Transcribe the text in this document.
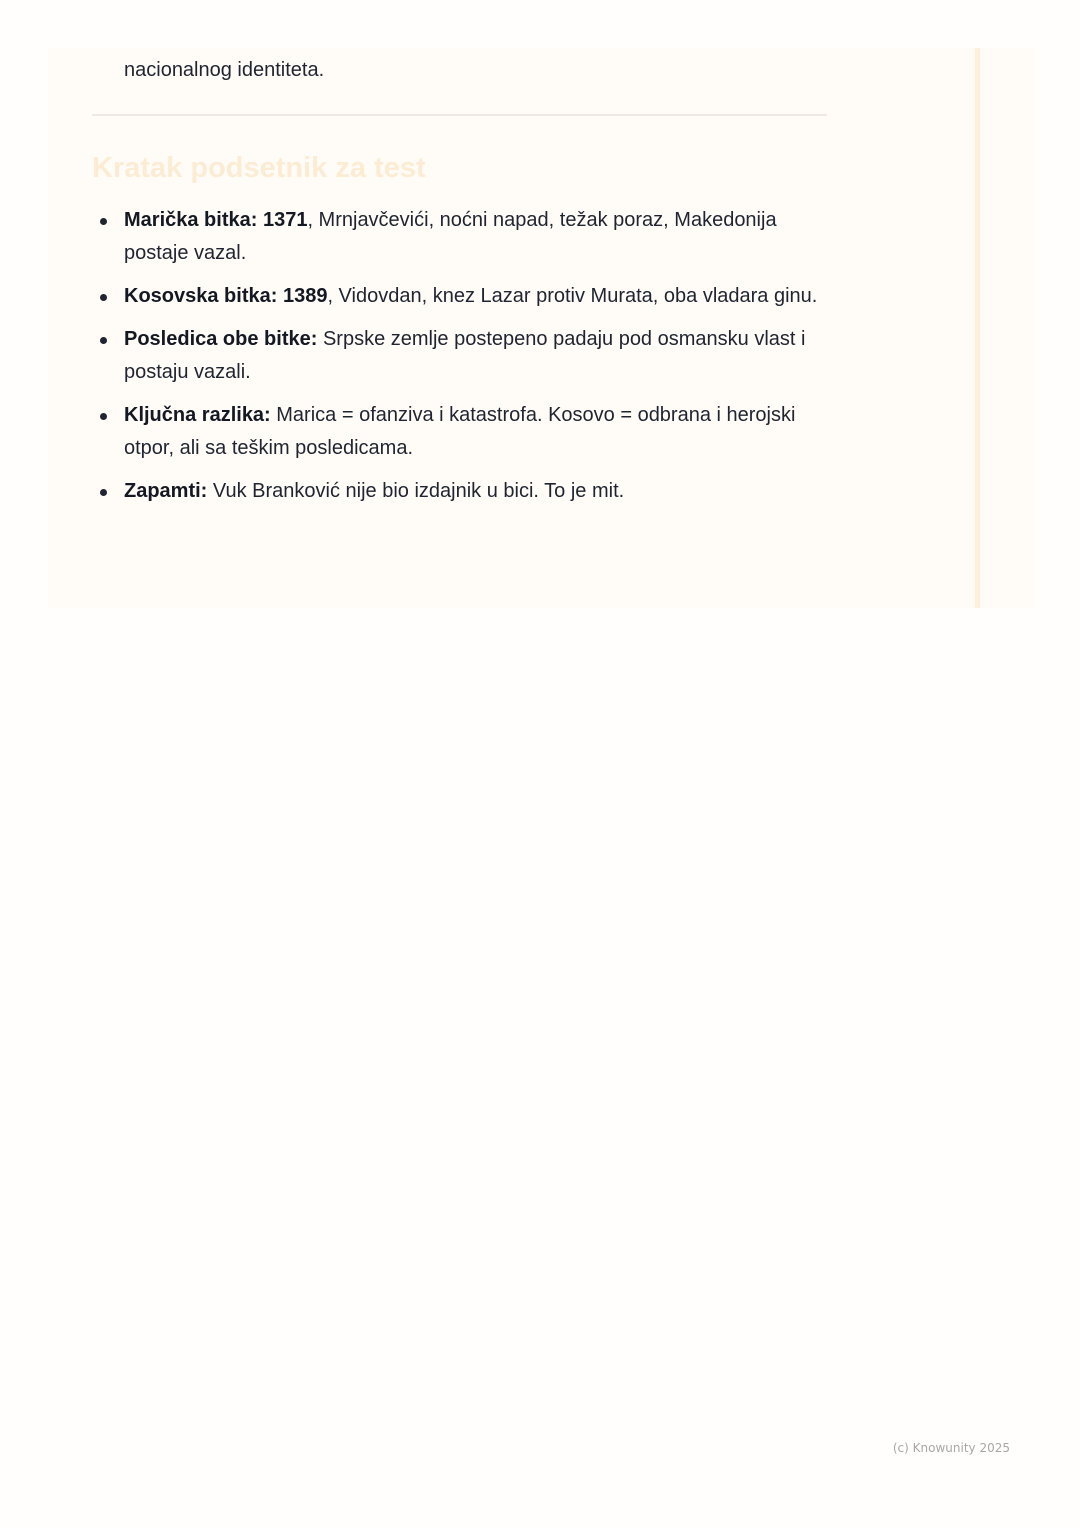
nacionalnog identiteta.
Kratak podsetnik za test
Marička bitka: 1371, Mrnjavčevići, noćni napad, težak poraz, Makedonija postaje vazal.
Kosovska bitka: 1389, Vidovdan, knez Lazar protiv Murata, oba vladara ginu.
Posledica obe bitke: Srpske zemlje postepeno padaju pod osmansku vlast i postaju vazali.
Ključna razlika: Marica = ofanziva i katastrofa. Kosovo = odbrana i herojski otpor, ali sa teškim posledicama.
Zapamti: Vuk Branković nije bio izdajnik u bici. To je mit.
(c) Knowunity 2025
